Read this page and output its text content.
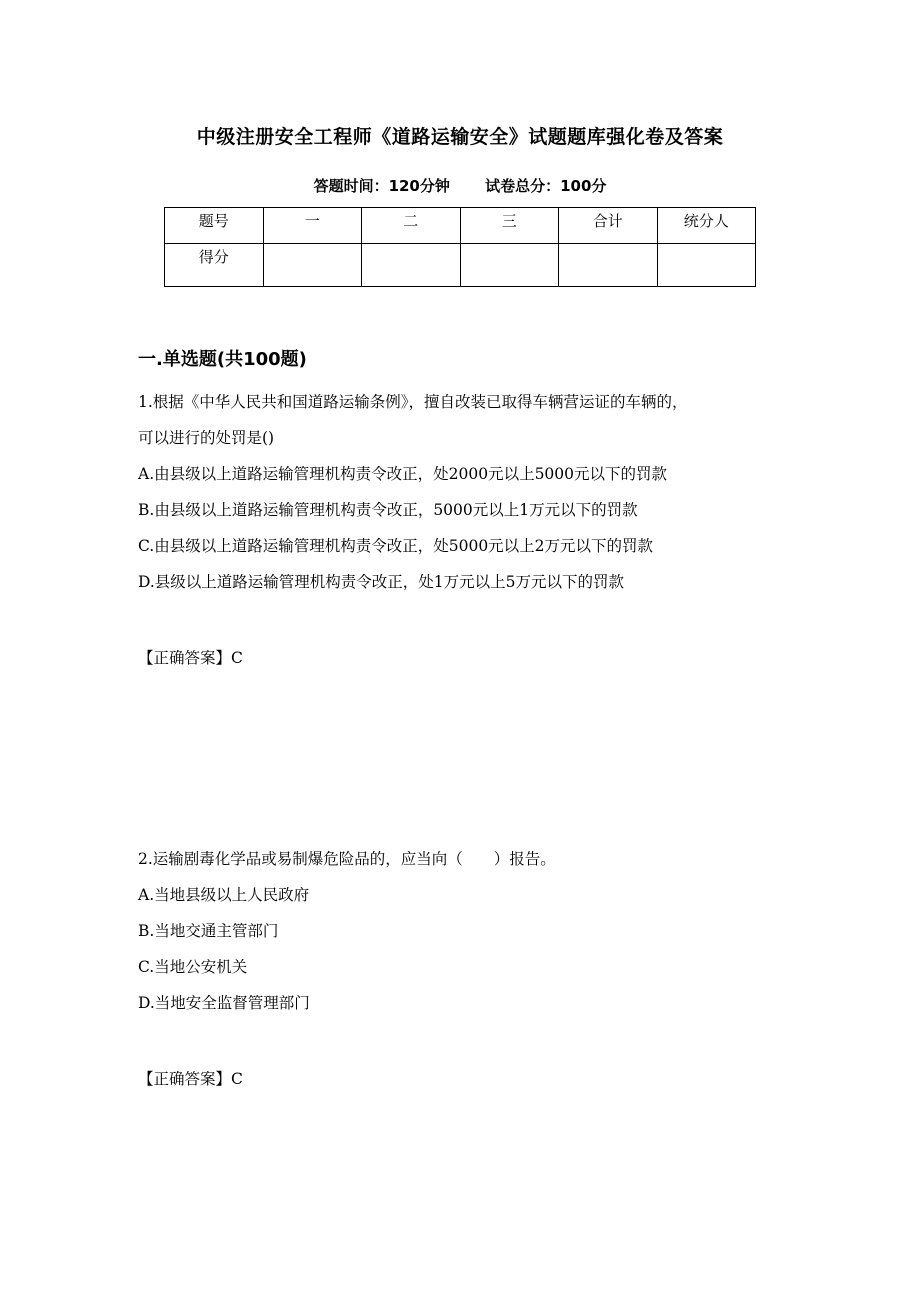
中级注册安全工程师《道路运输安全》试题题库强化卷及答案
答题时间：120分钟 试卷总分：100分
题号	一	二	三	合计	统分人
得分					
一.单选题(共100题)

1.根据《中华人民共和国道路运输条例》，擅自改装已取得车辆营运证的车辆的，

可以进行的处罚是()

A.由县级以上道路运输管理机构责令改正，处2000元以上5000元以下的罚款

B.由县级以上道路运输管理机构责令改正，5000元以上1万元以下的罚款

C.由县级以上道路运输管理机构责令改正，处5000元以上2万元以下的罚款

D.县级以上道路运输管理机构责令改正，处1万元以上5万元以下的罚款

【正确答案】C

2.运输剧毒化学品或易制爆危险品的，应当向（　　）报告。

A.当地县级以上人民政府

B.当地交通主管部门

C.当地公安机关

D.当地安全监督管理部门

【正确答案】C
